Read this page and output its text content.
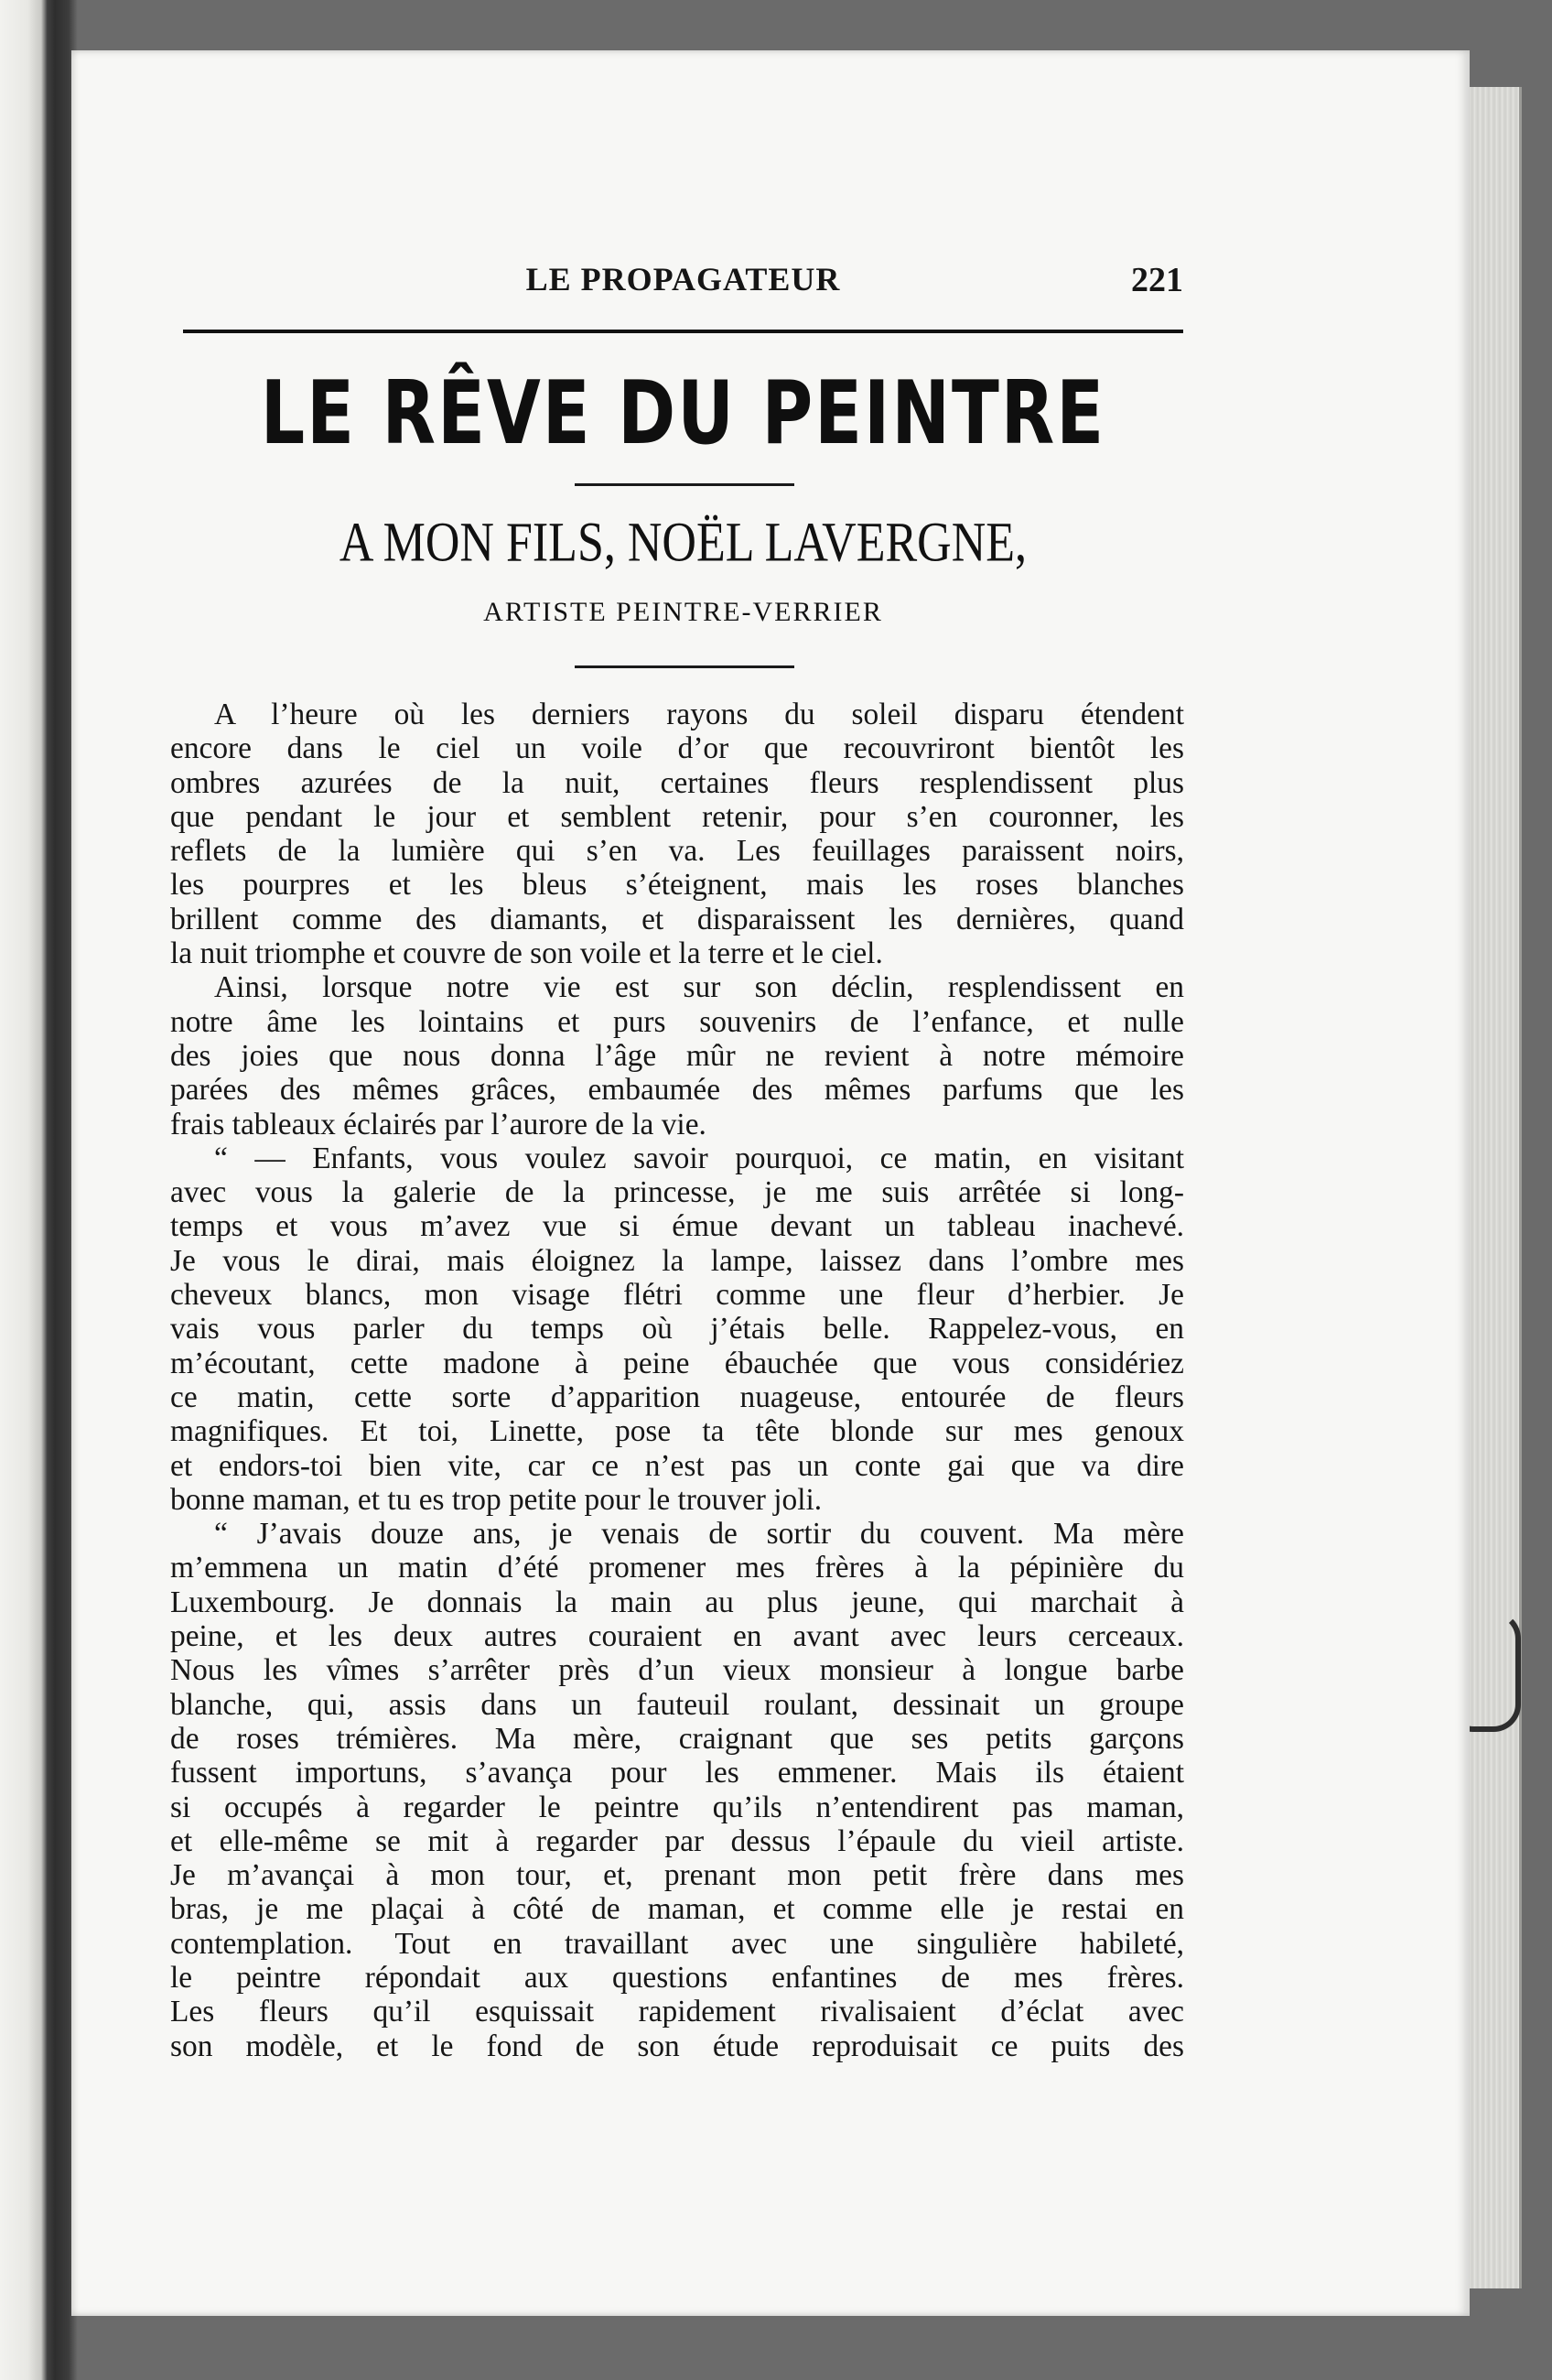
LE PROPAGATEUR	221
LE RÊVE DU PEINTRE
A MON FILS, NOËL LAVERGNE,
ARTISTE PEINTRE-VERRIER
A l’heure où les derniers rayons du soleil disparu étendent
encore dans le ciel un voile d’or que recouvriront bientôt les
ombres azurées de la nuit, certaines fleurs resplendissent plus
que pendant le jour et semblent retenir, pour s’en couronner, les
reflets de la lumière qui s’en va. Les feuillages paraissent noirs,
les pourpres et les bleus s’éteignent, mais les roses blanches
brillent comme des diamants, et disparaissent les dernières, quand
la nuit triomphe et couvre de son voile et la terre et le ciel.
Ainsi, lorsque notre vie est sur son déclin, resplendissent en
notre âme les lointains et purs souvenirs de l’enfance, et nulle
des joies que nous donna l’âge mûr ne revient à notre mémoire
parées des mêmes grâces, embaumée des mêmes parfums que les
frais tableaux éclairés par l’aurore de la vie.
“ — Enfants, vous voulez savoir pourquoi, ce matin, en visitant
avec vous la galerie de la princesse, je me suis arrêtée si long-
temps et vous m’avez vue si émue devant un tableau inachevé.
Je vous le dirai, mais éloignez la lampe, laissez dans l’ombre mes
cheveux blancs, mon visage flétri comme une fleur d’herbier. Je
vais vous parler du temps où j’étais belle. Rappelez-vous, en
m’écoutant, cette madone à peine ébauchée que vous considériez
ce matin, cette sorte d’apparition nuageuse, entourée de fleurs
magnifiques. Et toi, Linette, pose ta tête blonde sur mes genoux
et endors-toi bien vite, car ce n’est pas un conte gai que va dire
bonne maman, et tu es trop petite pour le trouver joli.
“ J’avais douze ans, je venais de sortir du couvent. Ma mère
m’emmena un matin d’été promener mes frères à la pépinière du
Luxembourg. Je donnais la main au plus jeune, qui marchait à
peine, et les deux autres couraient en avant avec leurs cerceaux.
Nous les vîmes s’arrêter près d’un vieux monsieur à longue barbe
blanche, qui, assis dans un fauteuil roulant, dessinait un groupe
de roses trémières. Ma mère, craignant que ses petits garçons
fussent importuns, s’avança pour les emmener. Mais ils étaient
si occupés à regarder le peintre qu’ils n’entendirent pas maman,
et elle-même se mit à regarder par dessus l’épaule du vieil artiste.
Je m’avançai à mon tour, et, prenant mon petit frère dans mes
bras, je me plaçai à côté de maman, et comme elle je restai en
contemplation. Tout en travaillant avec une singulière habileté,
le peintre répondait aux questions enfantines de mes frères.
Les fleurs qu’il esquissait rapidement rivalisaient d’éclat avec
son modèle, et le fond de son étude reproduisait ce puits des
